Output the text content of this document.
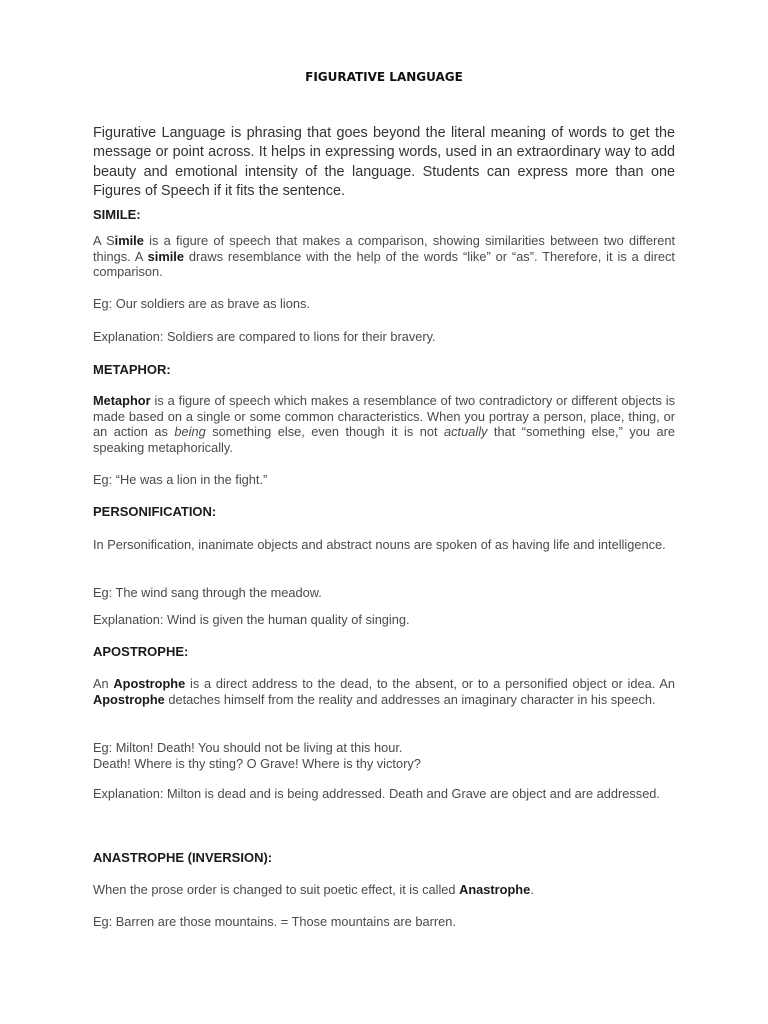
FIGURATIVE LANGUAGE

Figurative Language is phrasing that goes beyond the literal meaning of words to get the message or point across. It helps in expressing words, used in an extraordinary way to add beauty and emotional intensity of the language. Students can express more than one Figures of Speech if it fits the sentence.

SIMILE:

A Simile is a figure of speech that makes a comparison, showing similarities between two different things. A simile draws resemblance with the help of the words “like” or “as”. Therefore, it is a direct comparison.

Eg: Our soldiers are as brave as lions.

Explanation: Soldiers are compared to lions for their bravery.

METAPHOR:

Metaphor is a figure of speech which makes a resemblance of two contradictory or different objects is made based on a single or some common characteristics. When you portray a person, place, thing, or an action as being something else, even though it is not actually that “something else,” you are speaking metaphorically.

Eg: “He was a lion in the fight.”

PERSONIFICATION:

In Personification, inanimate objects and abstract nouns are spoken of as having life and intelligence.

Eg: The wind sang through the meadow.

Explanation: Wind is given the human quality of singing.

APOSTROPHE:

An Apostrophe is a direct address to the dead, to the absent, or to a personified object or idea. An Apostrophe detaches himself from the reality and addresses an imaginary character in his speech.

Eg: Milton! Death! You should not be living at this hour.
Death! Where is thy sting? O Grave! Where is thy victory?

Explanation: Milton is dead and is being addressed. Death and Grave are object and are addressed.

ANASTROPHE (INVERSION):

When the prose order is changed to suit poetic effect, it is called Anastrophe.

Eg: Barren are those mountains. = Those mountains are barren.
